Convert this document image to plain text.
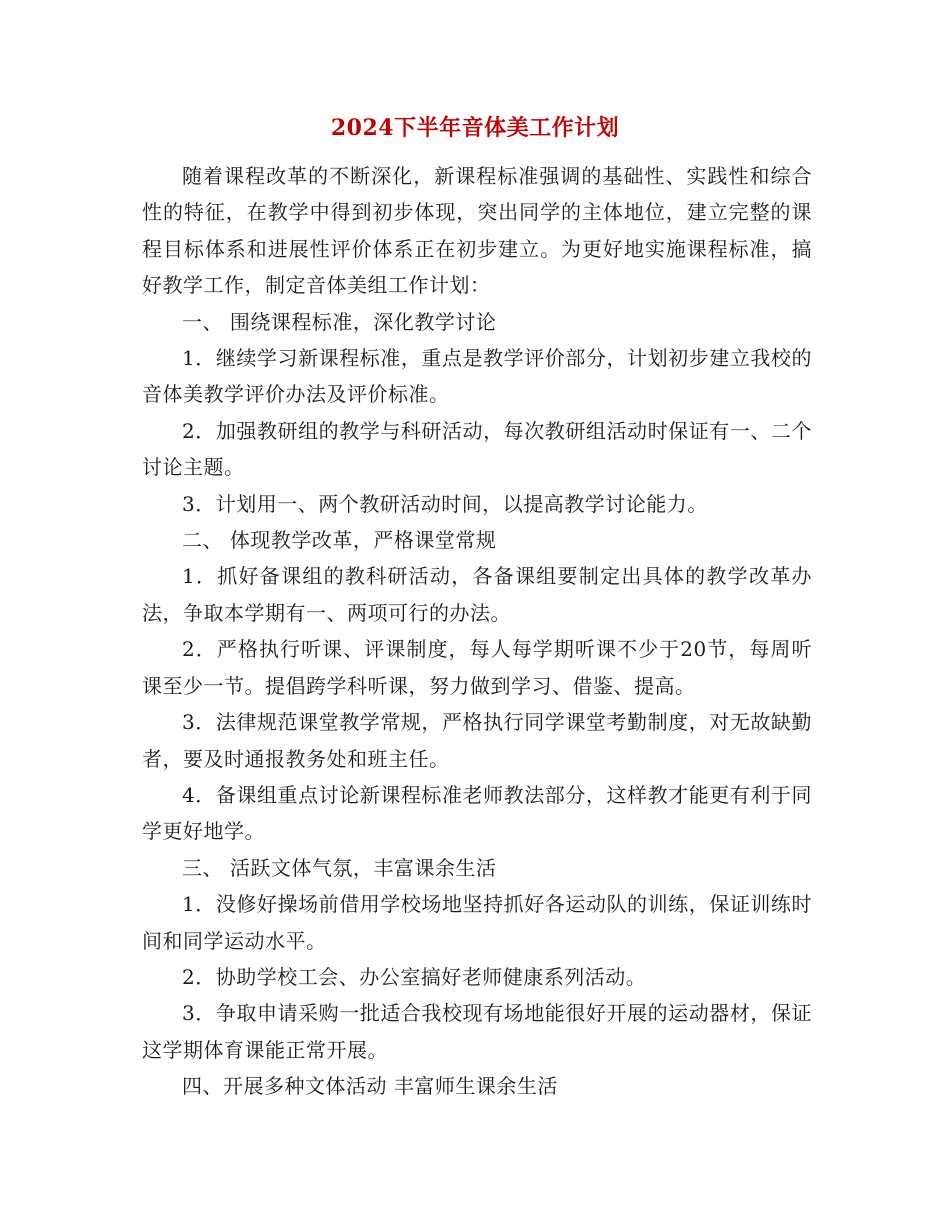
2024下半年音体美工作计划

随着课程改革的不断深化，新课程标准强调的基础性、实践性和综合性的特征，在教学中得到初步体现，突出同学的主体地位，建立完整的课程目标体系和进展性评价体系正在初步建立。为更好地实施课程标准，搞好教学工作，制定音体美组工作计划：

一、 围绕课程标准，深化教学讨论

1．继续学习新课程标准，重点是教学评价部分，计划初步建立我校的音体美教学评价办法及评价标准。

2．加强教研组的教学与科研活动，每次教研组活动时保证有一、二个讨论主题。

3．计划用一、两个教研活动时间，以提高教学讨论能力。

二、 体现教学改革，严格课堂常规

1．抓好备课组的教科研活动，各备课组要制定出具体的教学改革办法，争取本学期有一、两项可行的办法。

2．严格执行听课、评课制度，每人每学期听课不少于20节，每周听课至少一节。提倡跨学科听课，努力做到学习、借鉴、提高。

3．法律规范课堂教学常规，严格执行同学课堂考勤制度，对无故缺勤者，要及时通报教务处和班主任。

4．备课组重点讨论新课程标准老师教法部分，这样教才能更有利于同学更好地学。

三、 活跃文体气氛，丰富课余生活

1．没修好操场前借用学校场地坚持抓好各运动队的训练，保证训练时间和同学运动水平。

2．协助学校工会、办公室搞好老师健康系列活动。

3．争取申请采购一批适合我校现有场地能很好开展的运动器材，保证这学期体育课能正常开展。

四、开展多种文体活动 丰富师生课余生活
